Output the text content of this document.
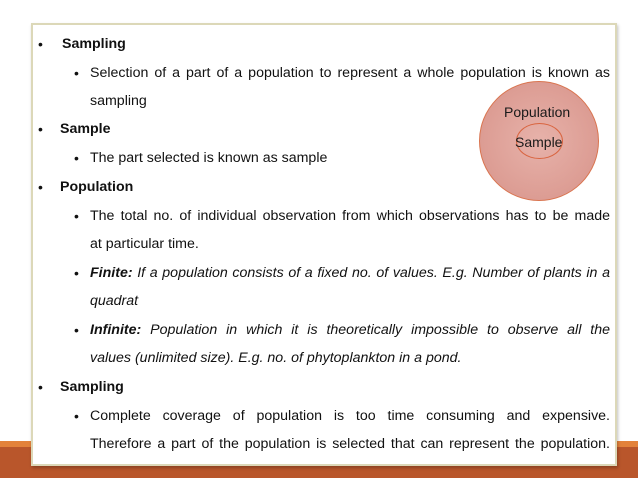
• Sampling
• Selection of a part of a population to represent a whole population is known as
sampling
• Sample
• The part selected is known as sample
• Population
• The total no. of individual observation from which observations has to be made
at particular time.
• Finite: If a population consists of a fixed no. of values. E.g. Number of plants in a
quadrat
• Infinite: Population in which it is theoretically impossible to observe all the
values (unlimited size). E.g. no. of phytoplankton in a pond.
• Sampling
• Complete coverage of population is too time consuming and expensive.
Therefore a part of the population is selected that can represent the population.
Population
Sample
